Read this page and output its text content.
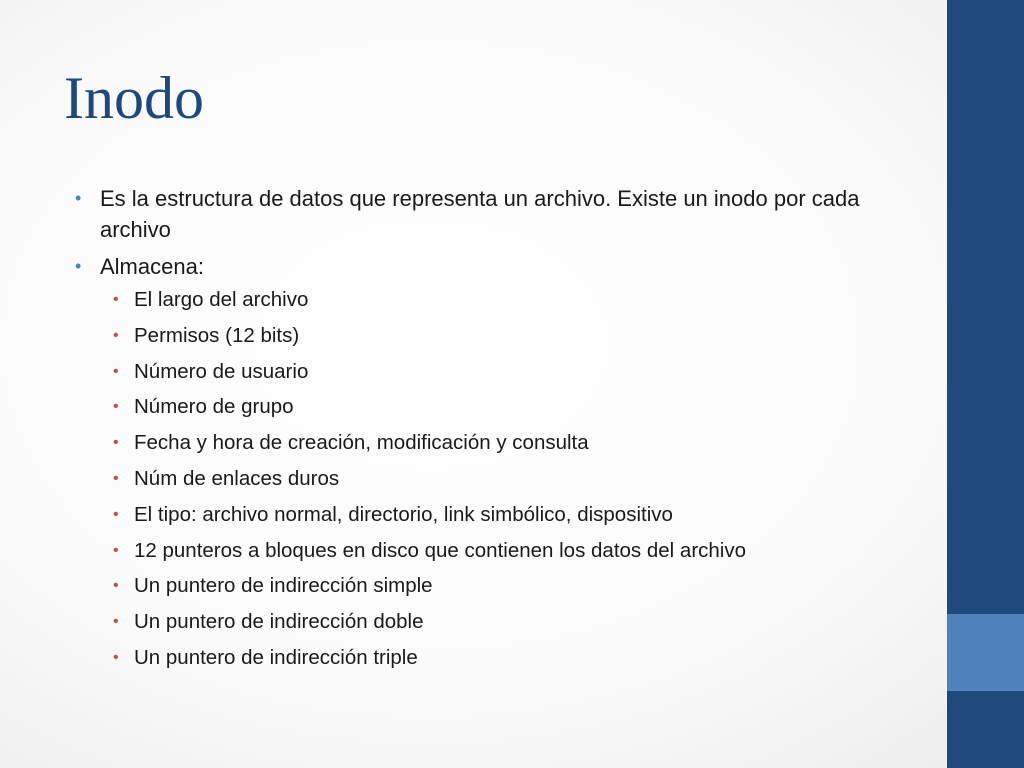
Inodo
• Es la estructura de datos que representa un archivo. Existe un inodo por cada archivo
• Almacena:
• El largo del archivo
• Permisos (12 bits)
• Número de usuario
• Número de grupo
• Fecha y hora de creación, modificación y consulta
• Núm de enlaces duros
• El tipo: archivo normal, directorio, link simbólico, dispositivo
• 12 punteros a bloques en disco que contienen los datos del archivo
• Un puntero de indirección simple
• Un puntero de indirección doble
• Un puntero de indirección triple
